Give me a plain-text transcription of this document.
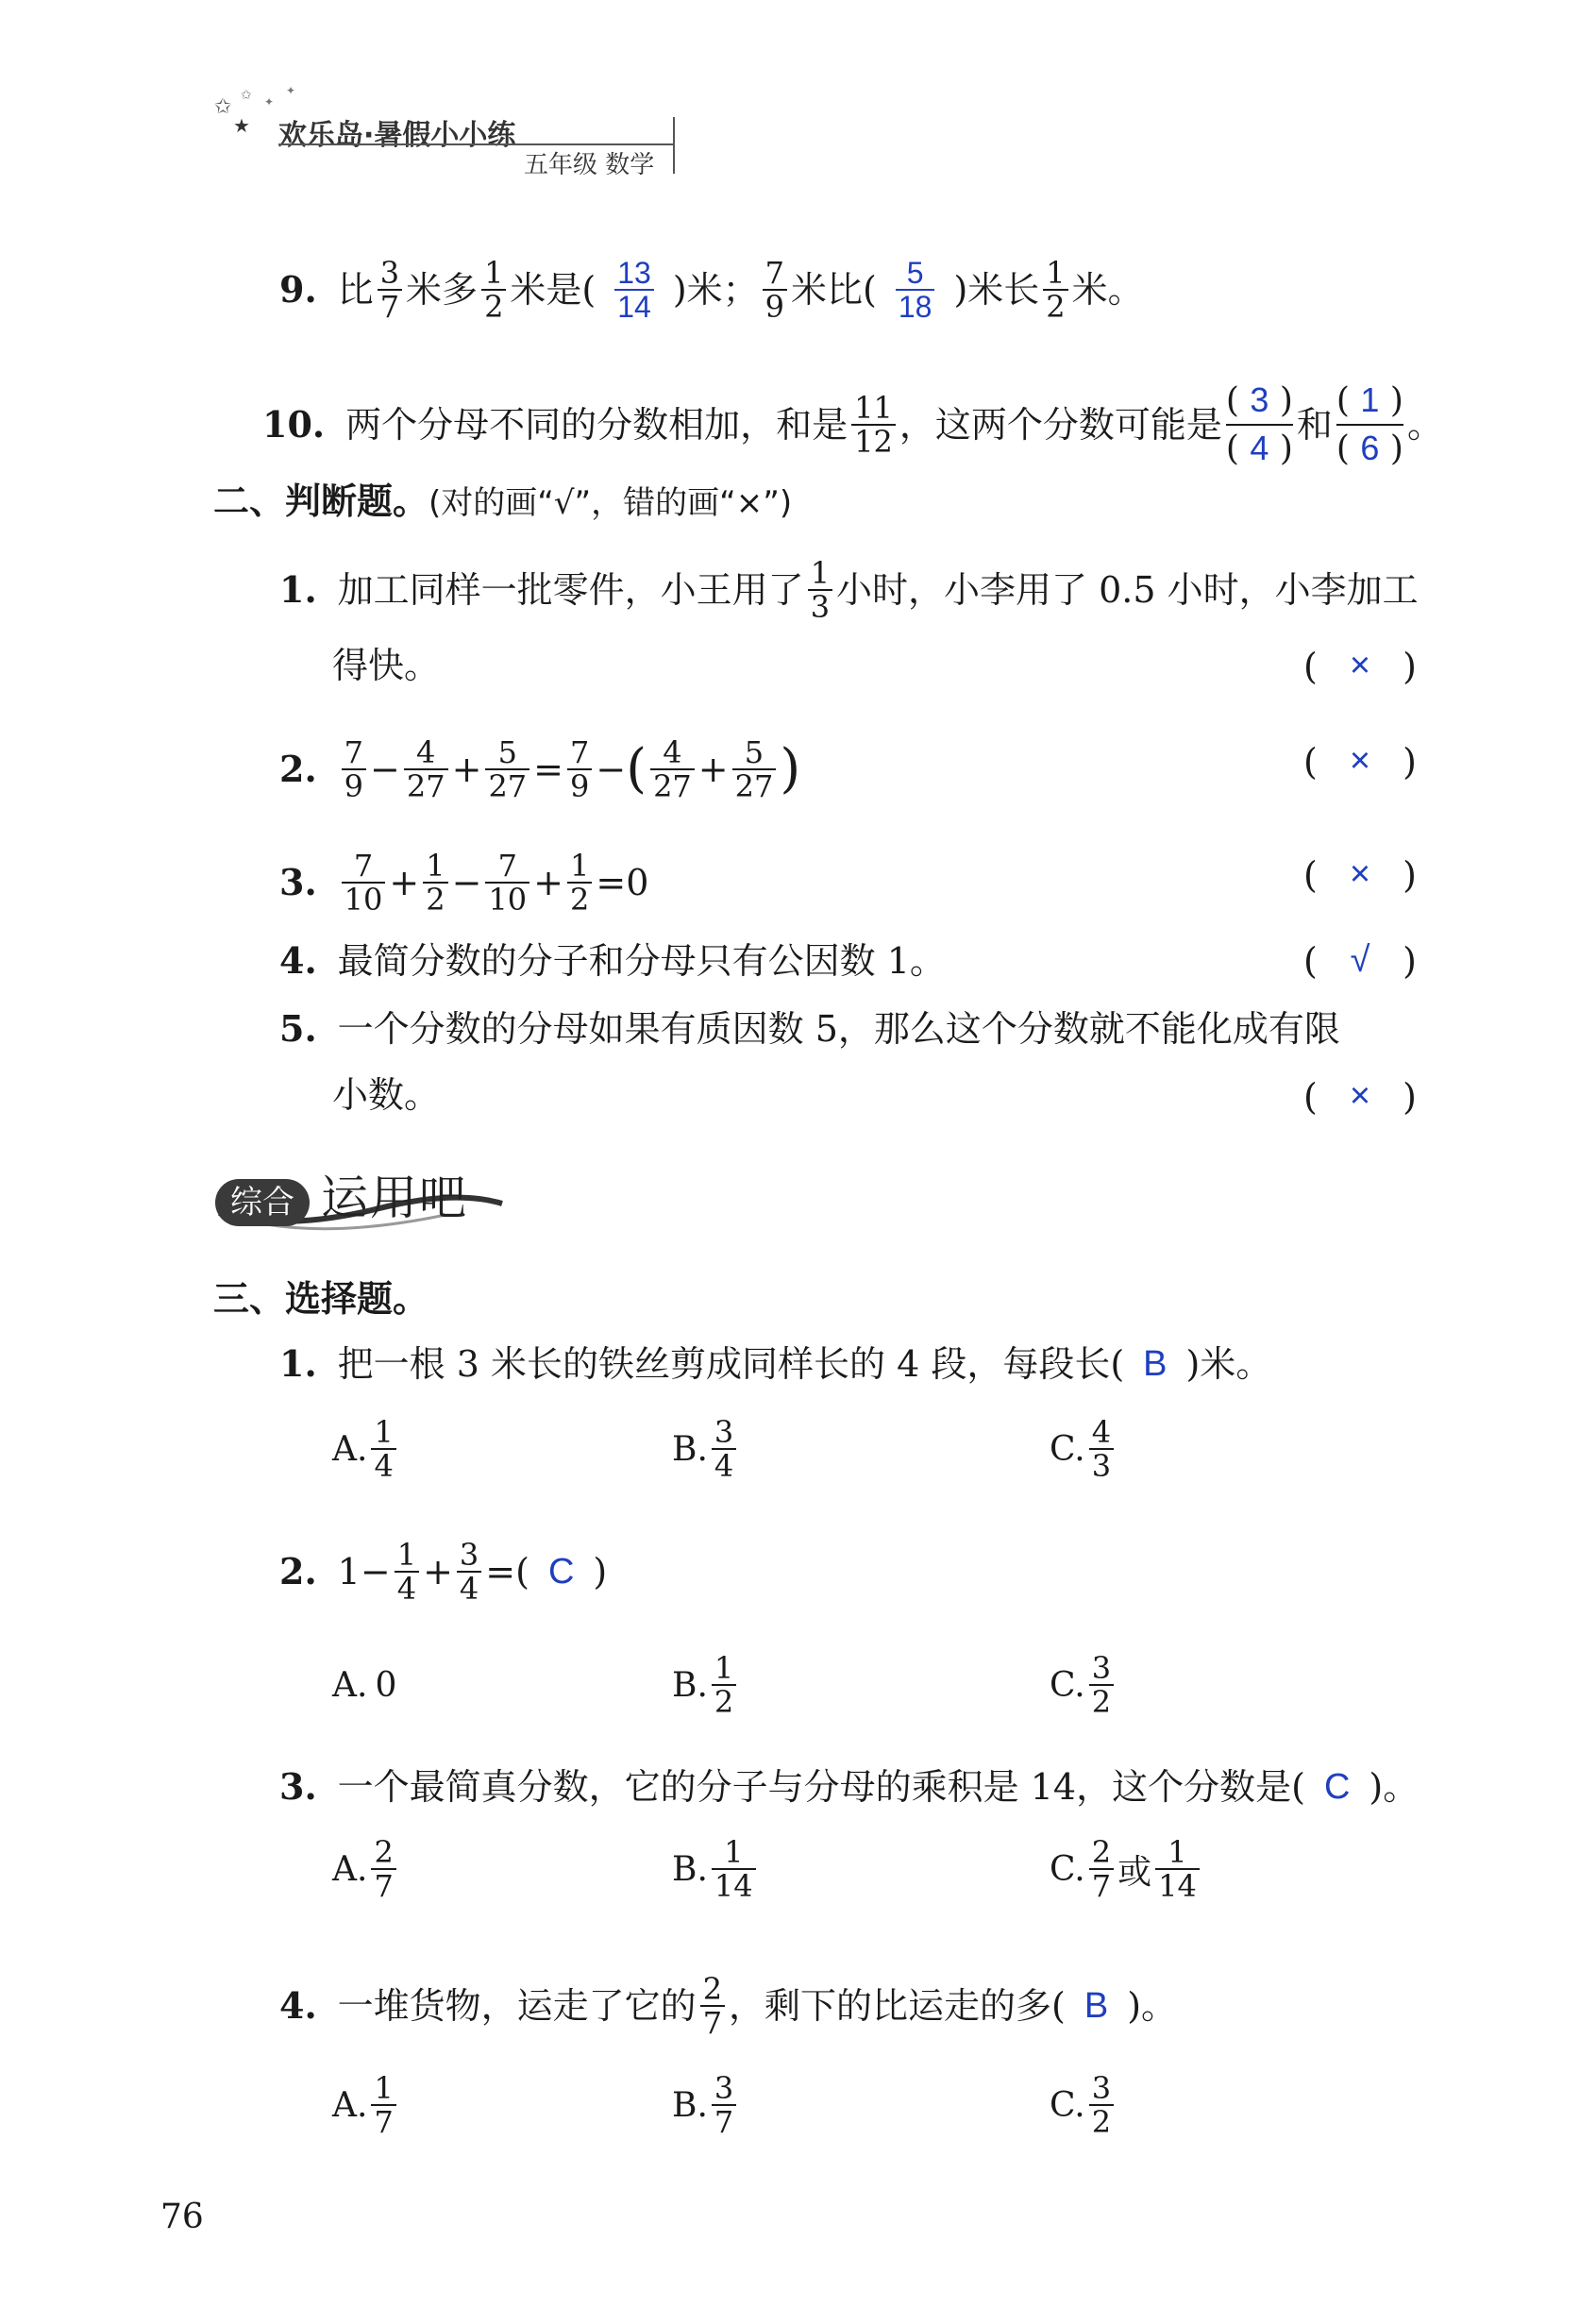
✩ ✩ ✦
✦
★ 欢乐岛·暑假小小练
五年级 数学
9. 比 $\frac{3}{7}$ 米多 $\frac{1}{2}$ 米是( $\frac{13}{14}$ )米； $\frac{7}{9}$ 米比( $\frac{5}{18}$ )米长 $\frac{1}{2}$ 米。
10. 两个分母不同的分数相加，和是 $\frac{11}{12}$ ，这两个分数可能是
( 3 )
( 4 )
和
( 1 )
( 6 )
。
二、判断题。(对的画“√”，错的画“×”)
1. 加工同样一批零件，小王用了 $\frac{1}{3}$ 小时，小李用了 0.5 小时，小李加工
得快。	( × )
2. $\frac{7}{9} - \frac{4}{27} + \frac{5}{27} = \frac{7}{9}$ − ( $\frac{4}{27} + \frac{5}{27}$ )	( × )
3. $\frac{7}{10} + \frac{1}{2} - \frac{7}{10} + \frac{1}{2} = 0$	( × )
4. 最简分数的分子和分母只有公因数 1。	( √ )
5. 一个分数的分母如果有质因数 5，那么这个分数就不能化成有限
小数。	( × )
综合 运用吧
三、选择题。
1. 把一根 3 米长的铁丝剪成同样长的 4 段，每段长( B )米。
A. $\frac{1}{4}$	B. $\frac{3}{4}$	C. $\frac{4}{3}$
2. $1 - \frac{1}{4} + \frac{3}{4}$ =( C )
A. 0	B. $\frac{1}{2}$	C. $\frac{3}{2}$
3. 一个最简真分数，它的分子与分母的乘积是 14，这个分数是( C )。
A. $\frac{2}{7}$	B. $\frac{1}{14}$	C. $\frac{2}{7}$ 或 $\frac{1}{14}$
4. 一堆货物，运走了它的 $\frac{2}{7}$ ，剩下的比运走的多( B )。
A. $\frac{1}{7}$	B. $\frac{3}{7}$	C. $\frac{3}{2}$
76
